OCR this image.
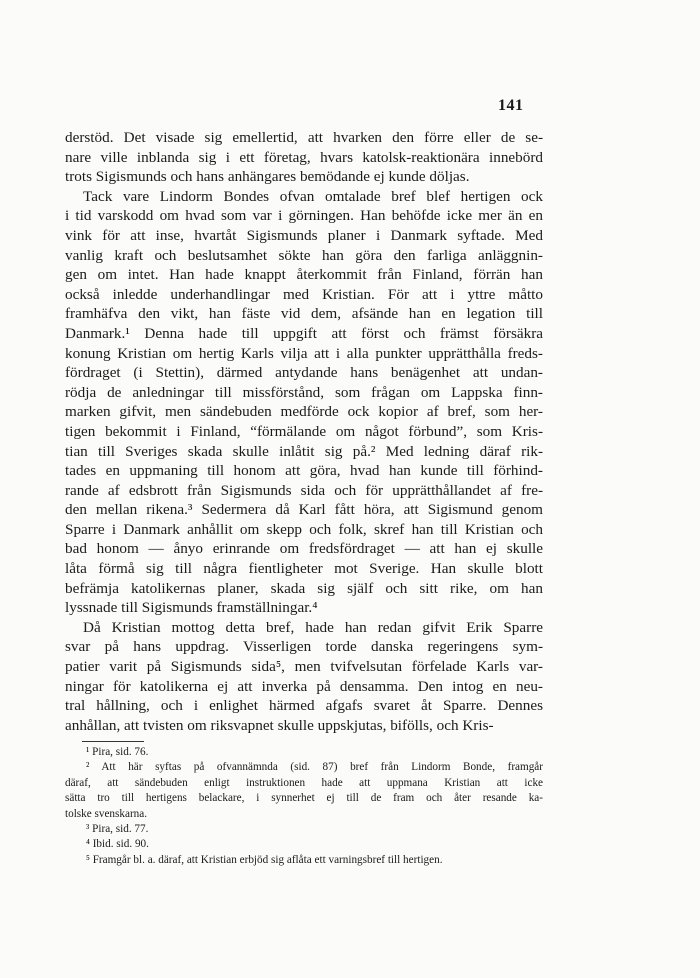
141
derstöd. Det visade sig emellertid, att hvarken den förre eller de se-
nare ville inblanda sig i ett företag, hvars katolsk-reaktionära innebörd
trots Sigismunds och hans anhängares bemödande ej kunde döljas.
Tack vare Lindorm Bondes ofvan omtalade bref blef hertigen ock
i tid varskodd om hvad som var i görningen. Han behöfde icke mer än en
vink för att inse, hvartåt Sigismunds planer i Danmark syftade. Med
vanlig kraft och beslutsamhet sökte han göra den farliga anläggnin-
gen om intet. Han hade knappt återkommit från Finland, förrän han
också inledde underhandlingar med Kristian. För att i yttre måtto
framhäfva den vikt, han fäste vid dem, afsände han en legation till
Danmark.¹ Denna hade till uppgift att först och främst försäkra
konung Kristian om hertig Karls vilja att i alla punkter upprätthålla freds-
fördraget (i Stettin), därmed antydande hans benägenhet att undan-
rödja de anledningar till missförstånd, som frågan om Lappska finn-
marken gifvit, men sändebuden medförde ock kopior af bref, som her-
tigen bekommit i Finland, “förmälande om något förbund”, som Kris-
tian till Sveriges skada skulle inlåtit sig på.² Med ledning däraf rik-
tades en uppmaning till honom att göra, hvad han kunde till förhind-
rande af edsbrott från Sigismunds sida och för upprätthållandet af fre-
den mellan rikena.³ Sedermera då Karl fått höra, att Sigismund genom
Sparre i Danmark anhållit om skepp och folk, skref han till Kristian och
bad honom — ånyo erinrande om fredsfördraget — att han ej skulle
låta förmå sig till några fientligheter mot Sverige. Han skulle blott
befrämja katolikernas planer, skada sig själf och sitt rike, om han
lyssnade till Sigismunds framställningar.⁴
Då Kristian mottog detta bref, hade han redan gifvit Erik Sparre
svar på hans uppdrag. Visserligen torde danska regeringens sym-
patier varit på Sigismunds sida⁵, men tvifvelsutan förfelade Karls var-
ningar för katolikerna ej att inverka på densamma. Den intog en neu-
tral hållning, och i enlighet härmed afgafs svaret åt Sparre. Dennes
anhållan, att tvisten om riksvapnet skulle uppskjutas, bifölls, och Kris-
¹ Pira, sid. 76.
² Att här syftas på ofvannämnda (sid. 87) bref från Lindorm Bonde, framgår
däraf, att sändebuden enligt instruktionen hade att uppmana Kristian att icke
sätta tro till hertigens belackare, i synnerhet ej till de fram och åter resande ka-
tolske svenskarna.
³ Pira, sid. 77.
⁴ Ibid. sid. 90.
⁵ Framgår bl. a. däraf, att Kristian erbjöd sig aflåta ett varningsbref till hertigen.
